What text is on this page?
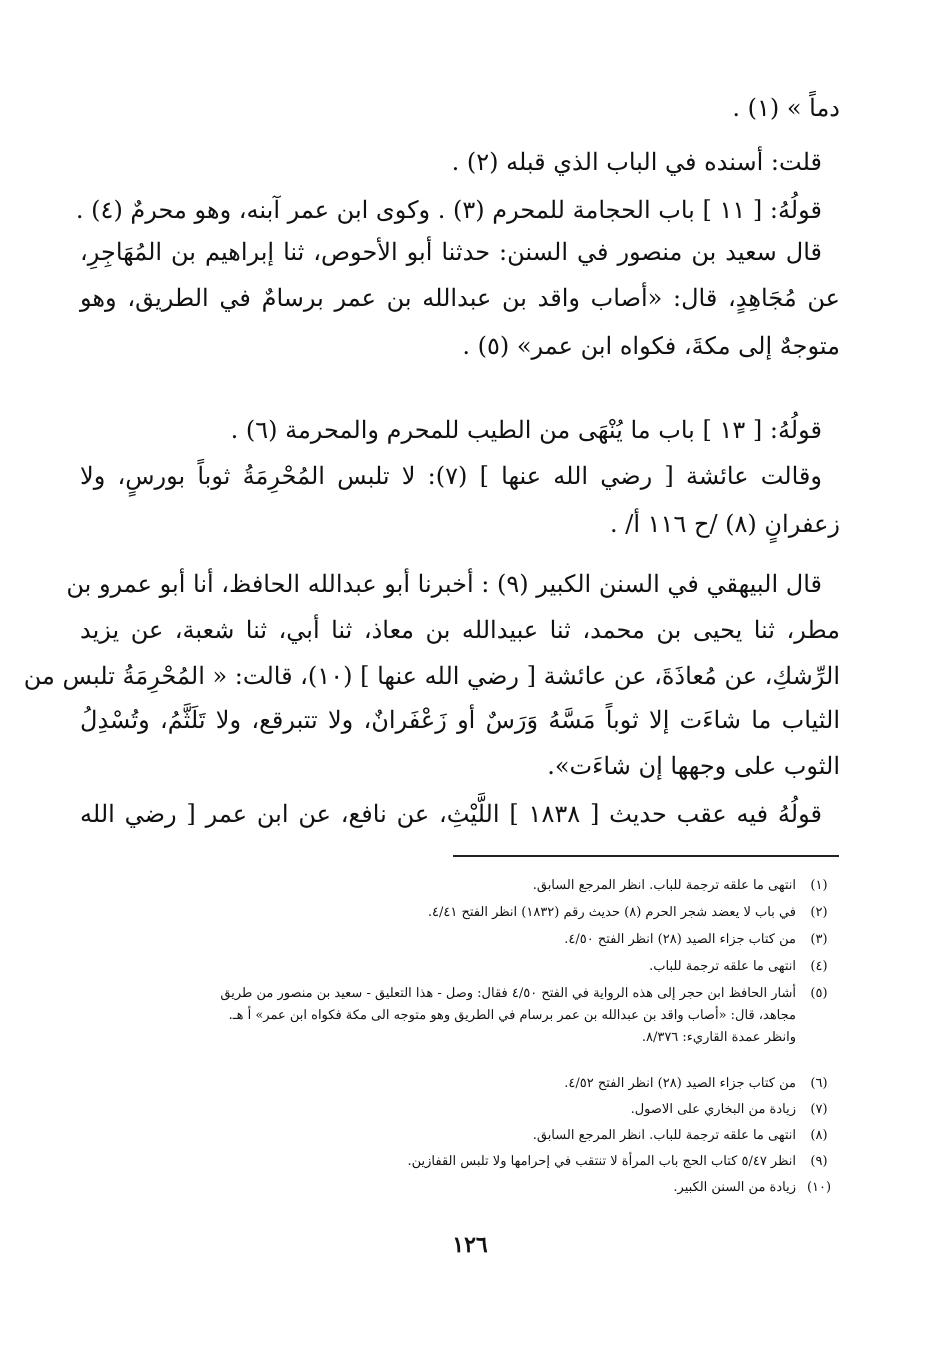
دماً » (١) .
قلت: أسنده في الباب الذي قبله (٢) .
قولُهُ: [ ١١ ] باب الحجامة للمحرم (٣) . وكوى ابن عمر آبنه، وهو محرمٌ (٤) .
قال سعيد بن منصور في السنن: حدثنا أبو الأحوص، ثنا إبراهيم بن المُهَاجِرِ،
عن مُجَاهِدٍ، قال: «أصاب واقد بن عبدالله بن عمر برسامٌ في الطريق، وهو
متوجهٌ إلى مكةَ، فكواه ابن عمر» (٥) .
قولُهُ: [ ١٣ ] باب ما يُنْهَى من الطيب للمحرم والمحرمة (٦) .
وقالت عائشة [ رضي الله عنها ] (٧): لا تلبس المُحْرِمَةُ ثوباً بورسٍ، ولا
زعفرانٍ (٨) /ح ١١٦ أ/ .
قال البيهقي في السنن الكبير (٩) : أخبرنا أبو عبدالله الحافظ، أنا أبو عمرو بن
مطر، ثنا يحيى بن محمد، ثنا عبيدالله بن معاذ، ثنا أبي، ثنا شعبة، عن يزيد
الرِّشكِ، عن مُعاذَةَ، عن عائشة [ رضي الله عنها ] (١٠)، قالت: « المُحْرِمَةُ تلبس من
الثياب ما شاءَت إلا ثوباً مَسَّهُ وَرَسٌ أو زَعْفَرانٌ، ولا تتبرقع، ولا تَلَثَّمُ، وتُسْدِلُ
الثوب على وجهها إن شاءَت».
قولُهُ فيه عقب حديث [ ١٨٣٨ ] اللَّيْثِ، عن نافع، عن ابن عمر [ رضي الله
(١)انتهى ما علقه ترجمة للباب. انظر المرجع السابق.
(٢)في باب لا يعضد شجر الحرم (٨) حديث رقم (١٨٣٢) انظر الفتح ٤/٤١.
(٣)من كتاب جزاء الصيد (٢٨) انظر الفتح ٤/٥٠.
(٤)انتهى ما علقه ترجمة للباب.
(٥)أشار الحافظ ابن حجر إلى هذه الرواية في الفتح ٤/٥٠ فقال: وصل - هذا التعليق - سعيد بن منصور من طريق
مجاهد، قال: «أصاب واقد بن عبدالله بن عمر برسام في الطريق وهو متوجه الى مكة فكواه ابن عمر» أ هـ.
وانظر عمدة القاريء: ٨/٣٧٦.
(٦)من كتاب جزاء الصيد (٢٨) انظر الفتح ٤/٥٢.
(٧)زيادة من البخاري على الاصول.
(٨)انتهى ما علقه ترجمة للباب. انظر المرجع السابق.
(٩)انظر ٥/٤٧ كتاب الحج باب المرأة لا تنتقب في إحرامها ولا تلبس القفازين.
(١٠)زيادة من السنن الكبير.
١٢٦
